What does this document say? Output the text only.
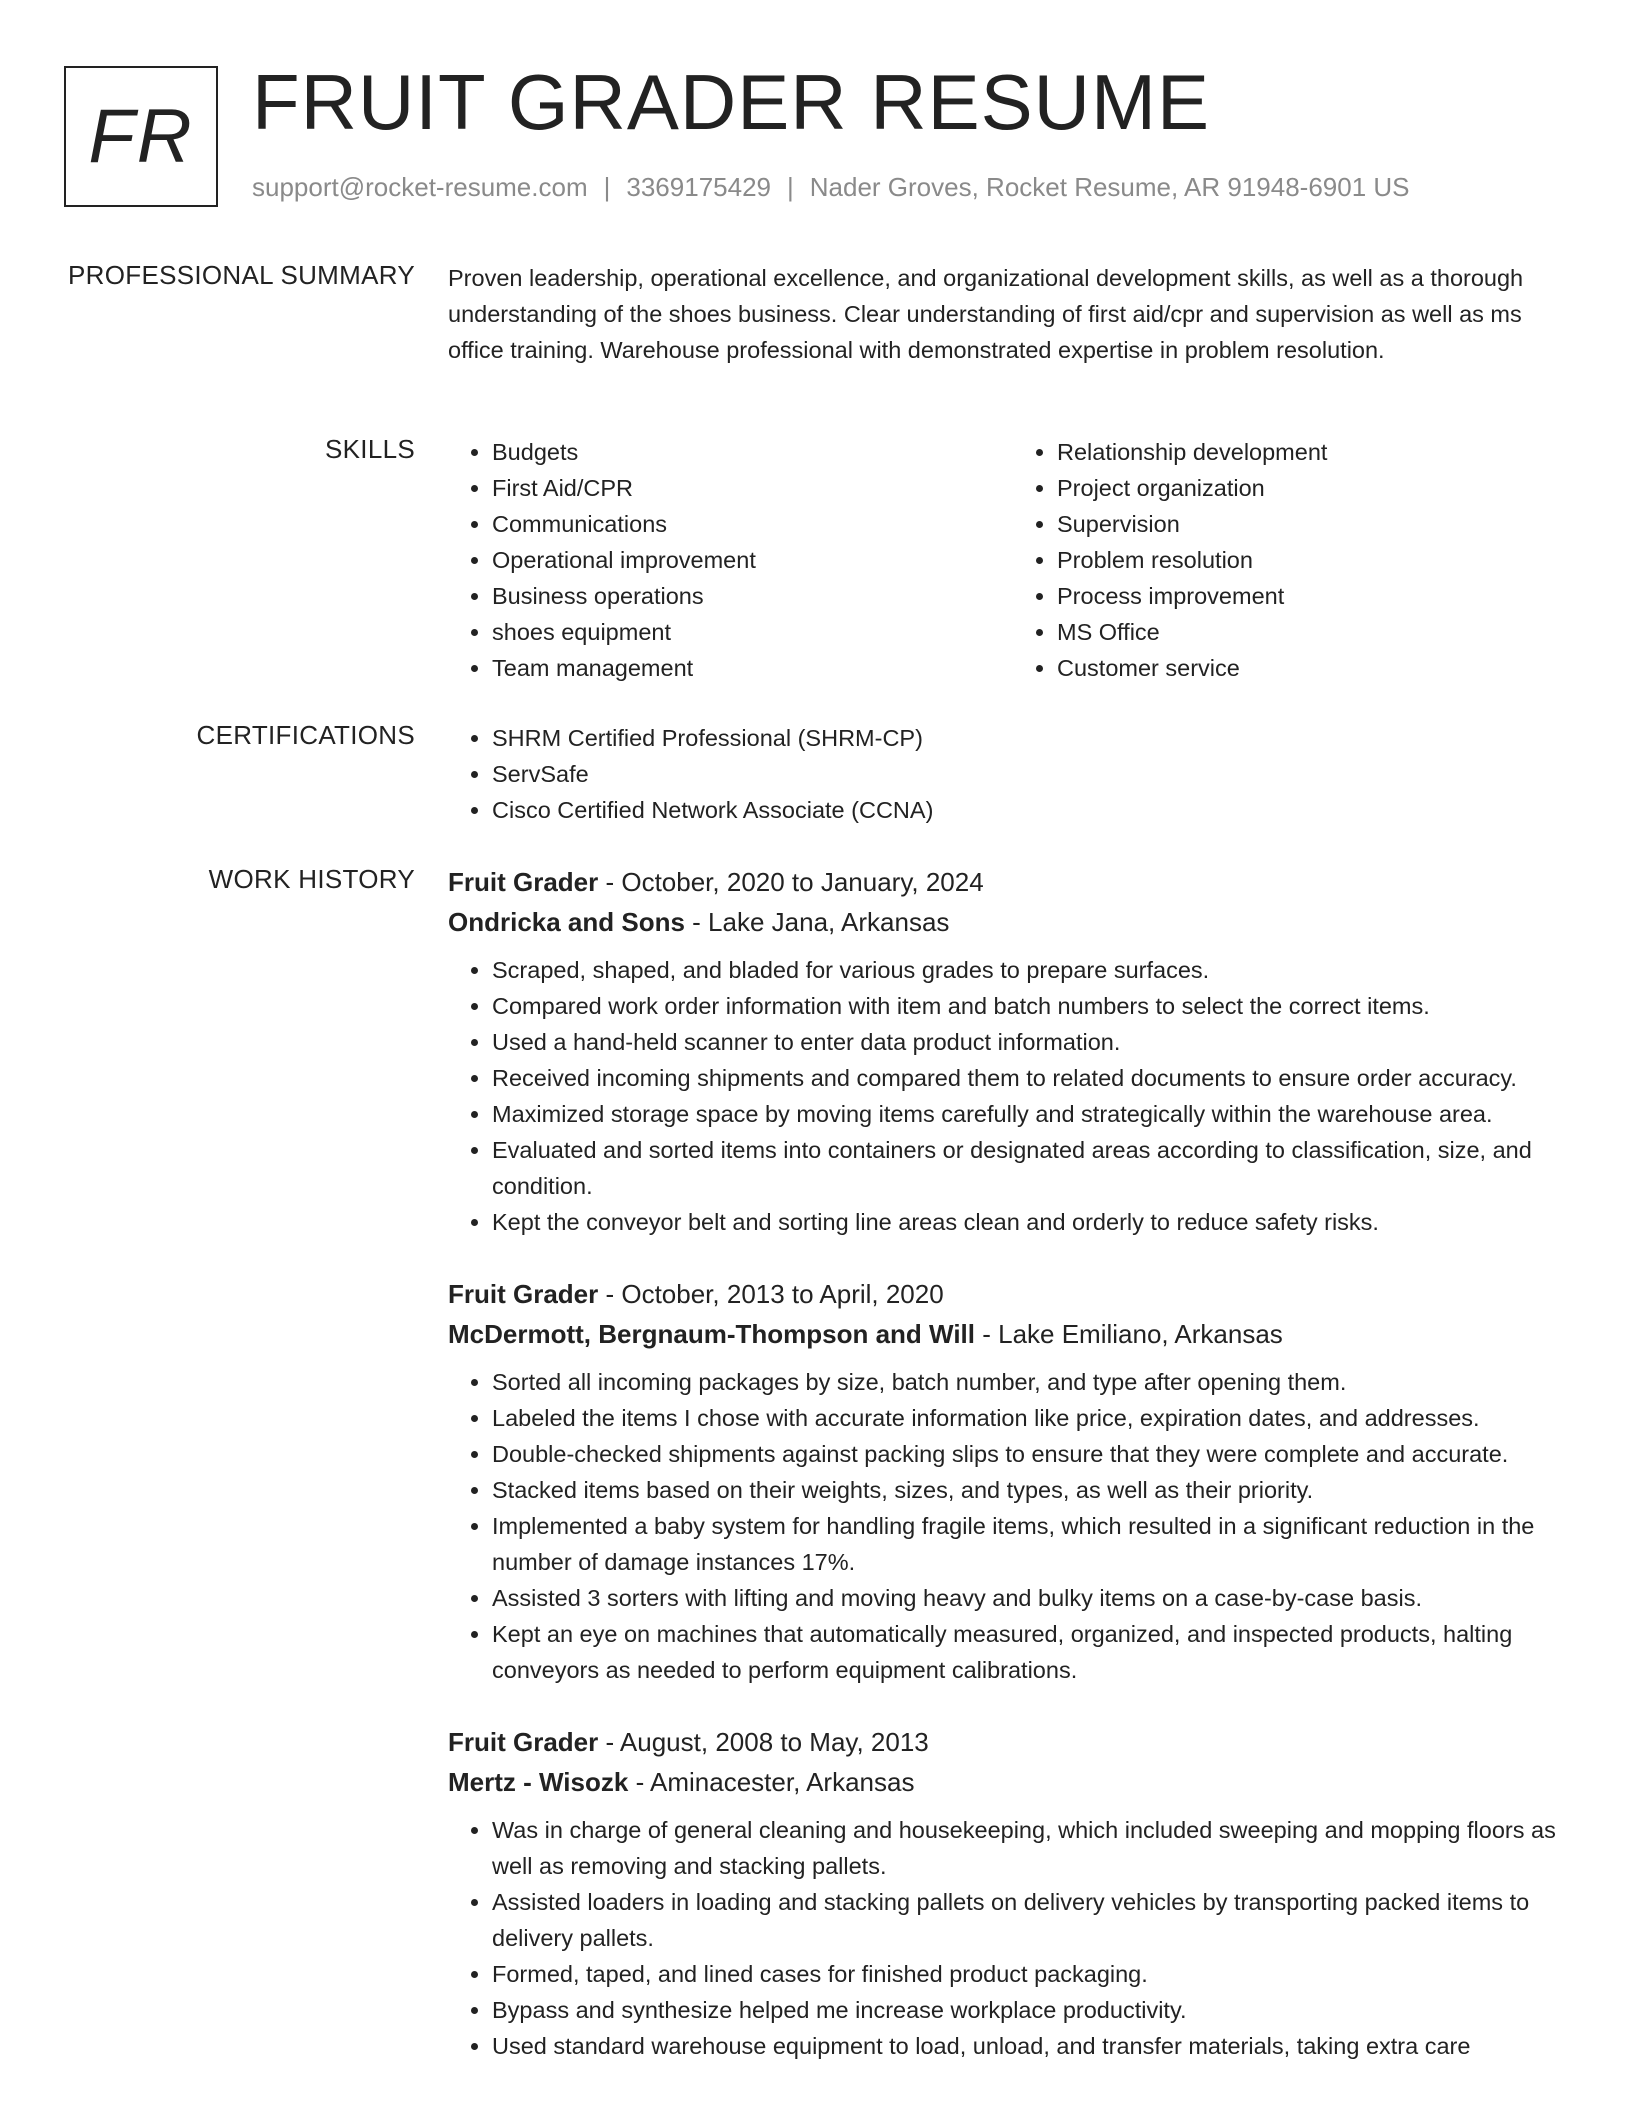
FR FRUIT GRADER RESUME
support@rocket-resume.com | 3369175429 | Nader Groves, Rocket Resume, AR 91948-6901 US
PROFESSIONAL SUMMARY Proven leadership, operational excellence, and organizational development skills, as well as a thorough understanding of the shoes business. Clear understanding of first aid/cpr and supervision as well as ms office training. Warehouse professional with demonstrated expertise in problem resolution.

SKILLS	• Budgets
• First Aid/CPR
• Communications
• Operational improvement
• Business operations
• shoes equipment
• Team management
• Relationship development
• Project organization
• Supervision
• Problem resolution
• Process improvement
• MS Office
• Customer service
CERTIFICATIONS	• SHRM Certified Professional (SHRM-CP)
• ServSafe
• Cisco Certified Network Associate (CCNA)
WORK HISTORY Fruit Grader - October, 2020 to January, 2024
Ondricka and Sons - Lake Jana, Arkansas
• Scraped, shaped, and bladed for various grades to prepare surfaces.
• Compared work order information with item and batch numbers to select the correct items.
• Used a hand-held scanner to enter data product information.
• Received incoming shipments and compared them to related documents to ensure order accuracy.
• Maximized storage space by moving items carefully and strategically within the warehouse area.
• Evaluated and sorted items into containers or designated areas according to classification, size, and condition.
• Kept the conveyor belt and sorting line areas clean and orderly to reduce safety risks.
Fruit Grader - October, 2013 to April, 2020
McDermott, Bergnaum-Thompson and Will - Lake Emiliano, Arkansas
• Sorted all incoming packages by size, batch number, and type after opening them.
• Labeled the items I chose with accurate information like price, expiration dates, and addresses.
• Double-checked shipments against packing slips to ensure that they were complete and accurate.
• Stacked items based on their weights, sizes, and types, as well as their priority.
• Implemented a baby system for handling fragile items, which resulted in a significant reduction in the number of damage instances 17%.
• Assisted 3 sorters with lifting and moving heavy and bulky items on a case-by-case basis.
• Kept an eye on machines that automatically measured, organized, and inspected products, halting conveyors as needed to perform equipment calibrations.
Fruit Grader - August, 2008 to May, 2013
Mertz - Wisozk - Aminacester, Arkansas
• Was in charge of general cleaning and housekeeping, which included sweeping and mopping floors as well as removing and stacking pallets.
• Assisted loaders in loading and stacking pallets on delivery vehicles by transporting packed items to delivery pallets.
• Formed, taped, and lined cases for finished product packaging.
• Bypass and synthesize helped me increase workplace productivity.
• Used standard warehouse equipment to load, unload, and transfer materials, taking extra care
